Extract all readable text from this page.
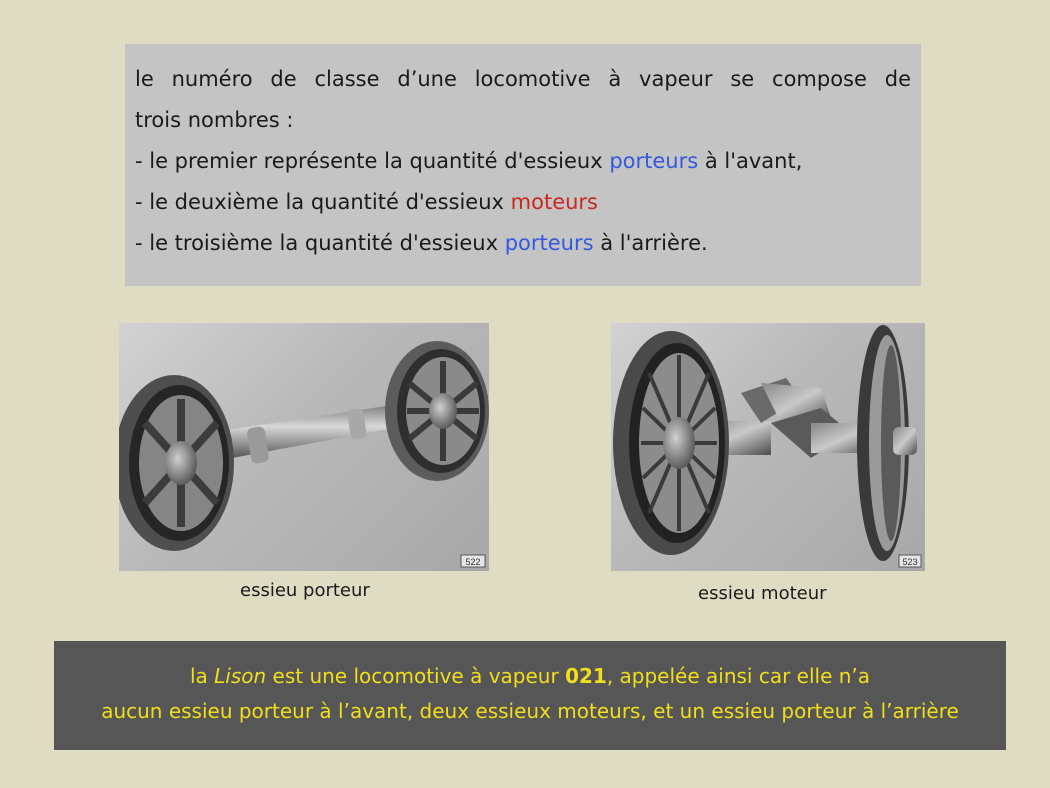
le numéro de classe d’une locomotive à vapeur se compose de

trois nombres :

- le premier représente la quantité d'essieux porteurs à l'avant,

- le deuxième la quantité d'essieux moteurs

- le troisième la quantité d'essieux porteurs à l'arrière.

522	523
essieu porteur	essieu moteur

la Lison est une locomotive à vapeur 021, appelée ainsi car elle n’a

aucun essieu porteur à l’avant, deux essieux moteurs, et un essieu porteur à l’arrière
